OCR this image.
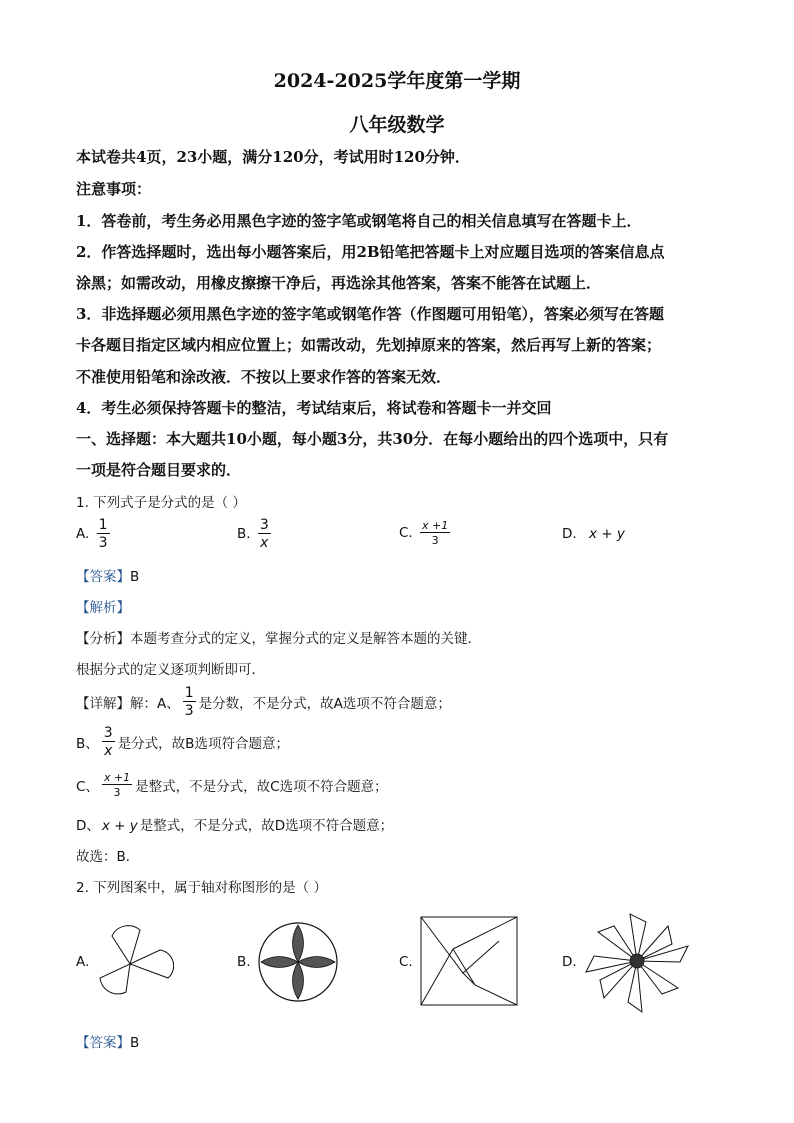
2024-2025学年度第一学期
八年级数学
本试卷共4页，23小题，满分120分，考试用时120分钟．
注意事项：
1．答卷前，考生务必用黑色字迹的签字笔或钢笔将自己的相关信息填写在答题卡上．
2．作答选择题时，选出每小题答案后，用2B铅笔把答题卡上对应题目选项的答案信息点
涂黑；如需改动，用橡皮擦擦干净后，再选涂其他答案，答案不能答在试题上．
3．非选择题必须用黑色字迹的签字笔或钢笔作答（作图题可用铅笔），答案必须写在答题
卡各题目指定区域内相应位置上；如需改动，先划掉原来的答案，然后再写上新的答案；
不准使用铅笔和涂改液．不按以上要求作答的答案无效．
4．考生必须保持答题卡的整洁，考试结束后，将试卷和答题卡一并交回
一、选择题：本大题共10小题，每小题3分，共30分．在每小题给出的四个选项中，只有
一项是符合题目要求的．
1. 下列式子是分式的是（ ）
A. $\frac{1}{3}$	B. $\frac{3}{x}$	C. $\frac{x +1}{3}$	D. x + y
【答案】B
【解析】
【分析】本题考查分式的定义，掌握分式的定义是解答本题的关键．
根据分式的定义逐项判断即可．
【详解】解：A、 $\frac{1}{3}$ 是分数，不是分式，故A选项不符合题意；
B、 $\frac{3}{x}$ 是分式，故B选项符合题意；
C、 $\frac{x +1}{3}$ 是整式，不是分式，故C选项不符合题意；
D、 x + y 是整式，不是分式，故D选项不符合题意；
故选：B．
2. 下列图案中，属于轴对称图形的是（ ）
A.	B.	C.	D.
【答案】B
